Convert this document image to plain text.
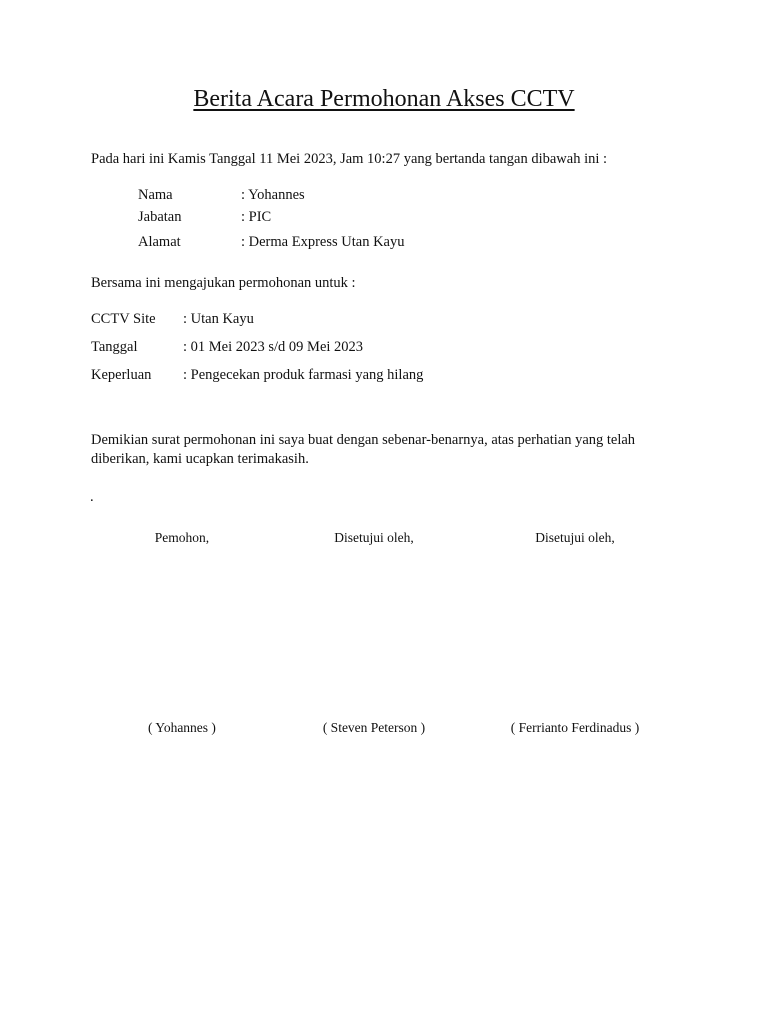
Berita Acara Permohonan Akses CCTV
Pada hari ini Kamis Tanggal 11 Mei 2023, Jam 10:27 yang bertanda tangan dibawah ini :
Nama	: Yohannes
Jabatan	: PIC
Alamat	: Derma Express Utan Kayu
Bersama ini mengajukan permohonan untuk :
CCTV Site : Utan Kayu
Tanggal	: 01 Mei 2023 s/d 09 Mei 2023
Keperluan : Pengecekan produk farmasi yang hilang
Demikian surat permohonan ini saya buat dengan sebenar-benarnya, atas perhatian yang telah diberikan, kami ucapkan terimakasih.
.
Pemohon,	Disetujui oleh,	Disetujui oleh,
( Yohannes )	( Steven Peterson )	( Ferrianto Ferdinadus )
